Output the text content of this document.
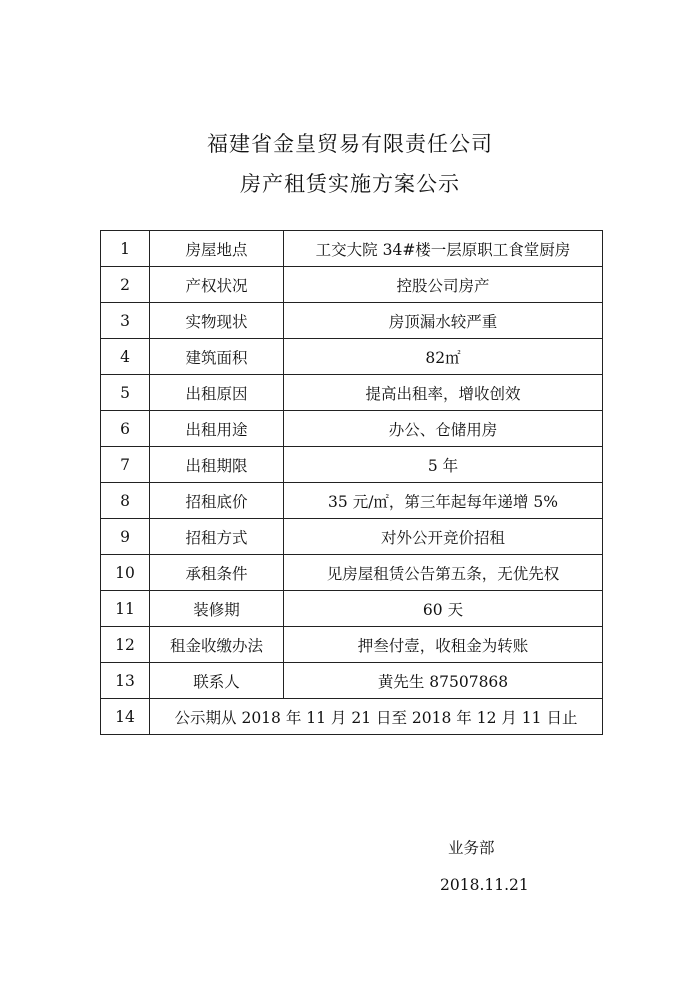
福建省金皇贸易有限责任公司
房产租赁实施方案公示
1	房屋地点	工交大院 34#楼一层原职工食堂厨房
2	产权状况	控股公司房产
3	实物现状	房顶漏水较严重
4	建筑面积	82㎡
5	出租原因	提高出租率，增收创效
6	出租用途	办公、仓储用房
7	出租期限	5 年
8	招租底价	35 元/㎡，第三年起每年递增 5%
9	招租方式	对外公开竞价招租
10	承租条件	见房屋租赁公告第五条，无优先权
11	装修期	60 天
12	租金收缴办法	押叁付壹，收租金为转账
13	联系人	黄先生 87507868
14	公示期从 2018 年 11 月 21 日至 2018 年 12 月 11 日止	
业务部
2018.11.21
